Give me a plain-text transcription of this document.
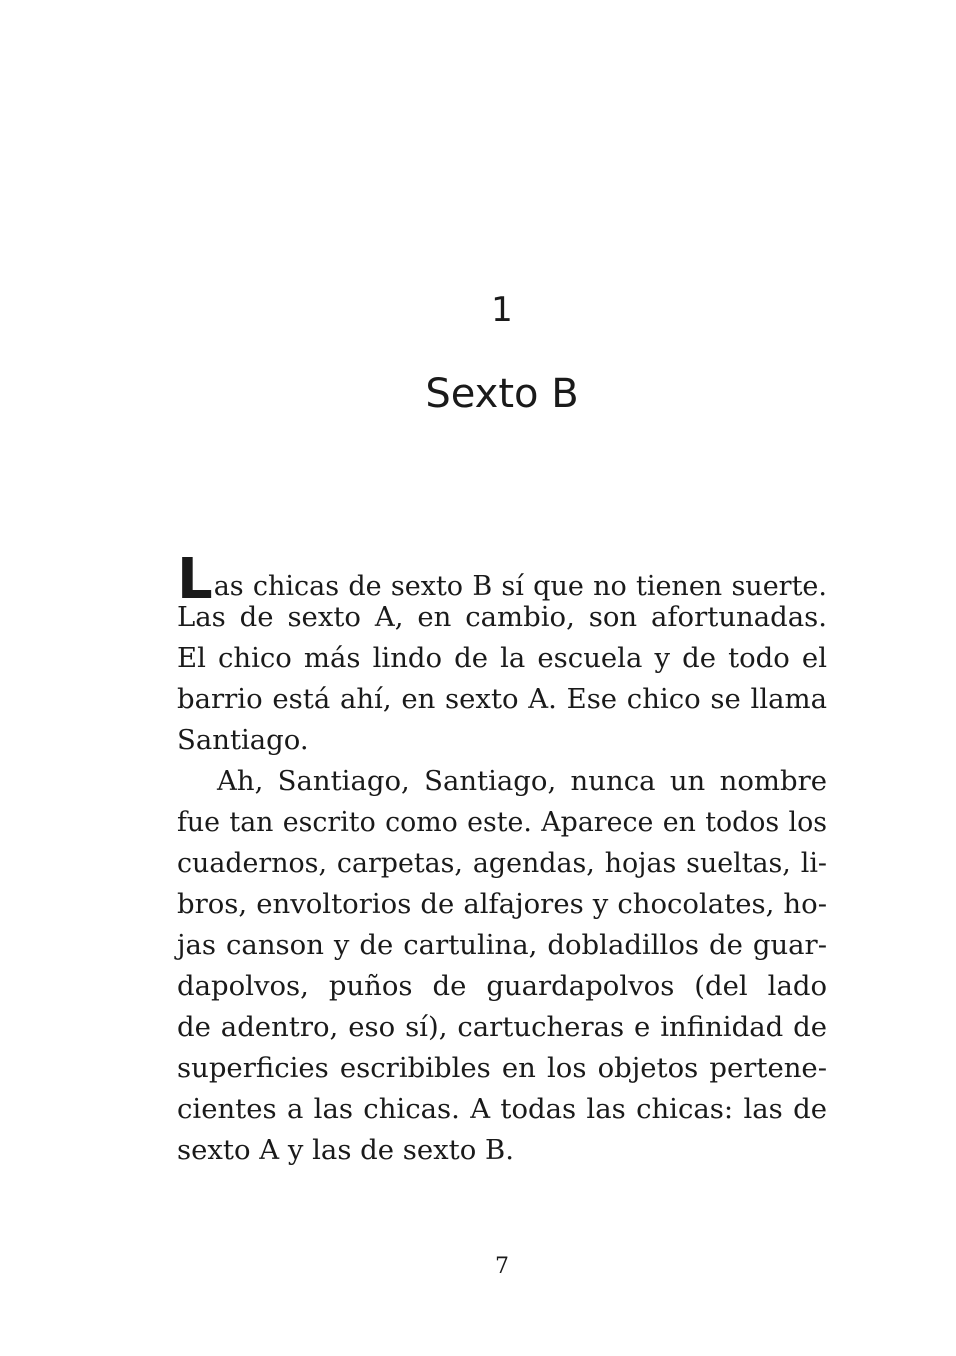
1
Sexto B
Las chicas de sexto B sí que no tienen suerte.
Las de sexto A, en cambio, son afortunadas.
El chico más lindo de la escuela y de todo el
barrio está ahí, en sexto A. Ese chico se llama
Santiago.
Ah, Santiago, Santiago, nunca un nombre
fue tan escrito como este. Aparece en todos los
cuadernos, carpetas, agendas, hojas sueltas, li-
bros, envoltorios de alfajores y chocolates, ho-
jas canson y de cartulina, dobladillos de guar-
dapolvos, puños de guardapolvos (del lado
de adentro, eso sí), cartucheras e infinidad de
superficies escribibles en los objetos pertene-
cientes a las chicas. A todas las chicas: las de
sexto A y las de sexto B.
7
